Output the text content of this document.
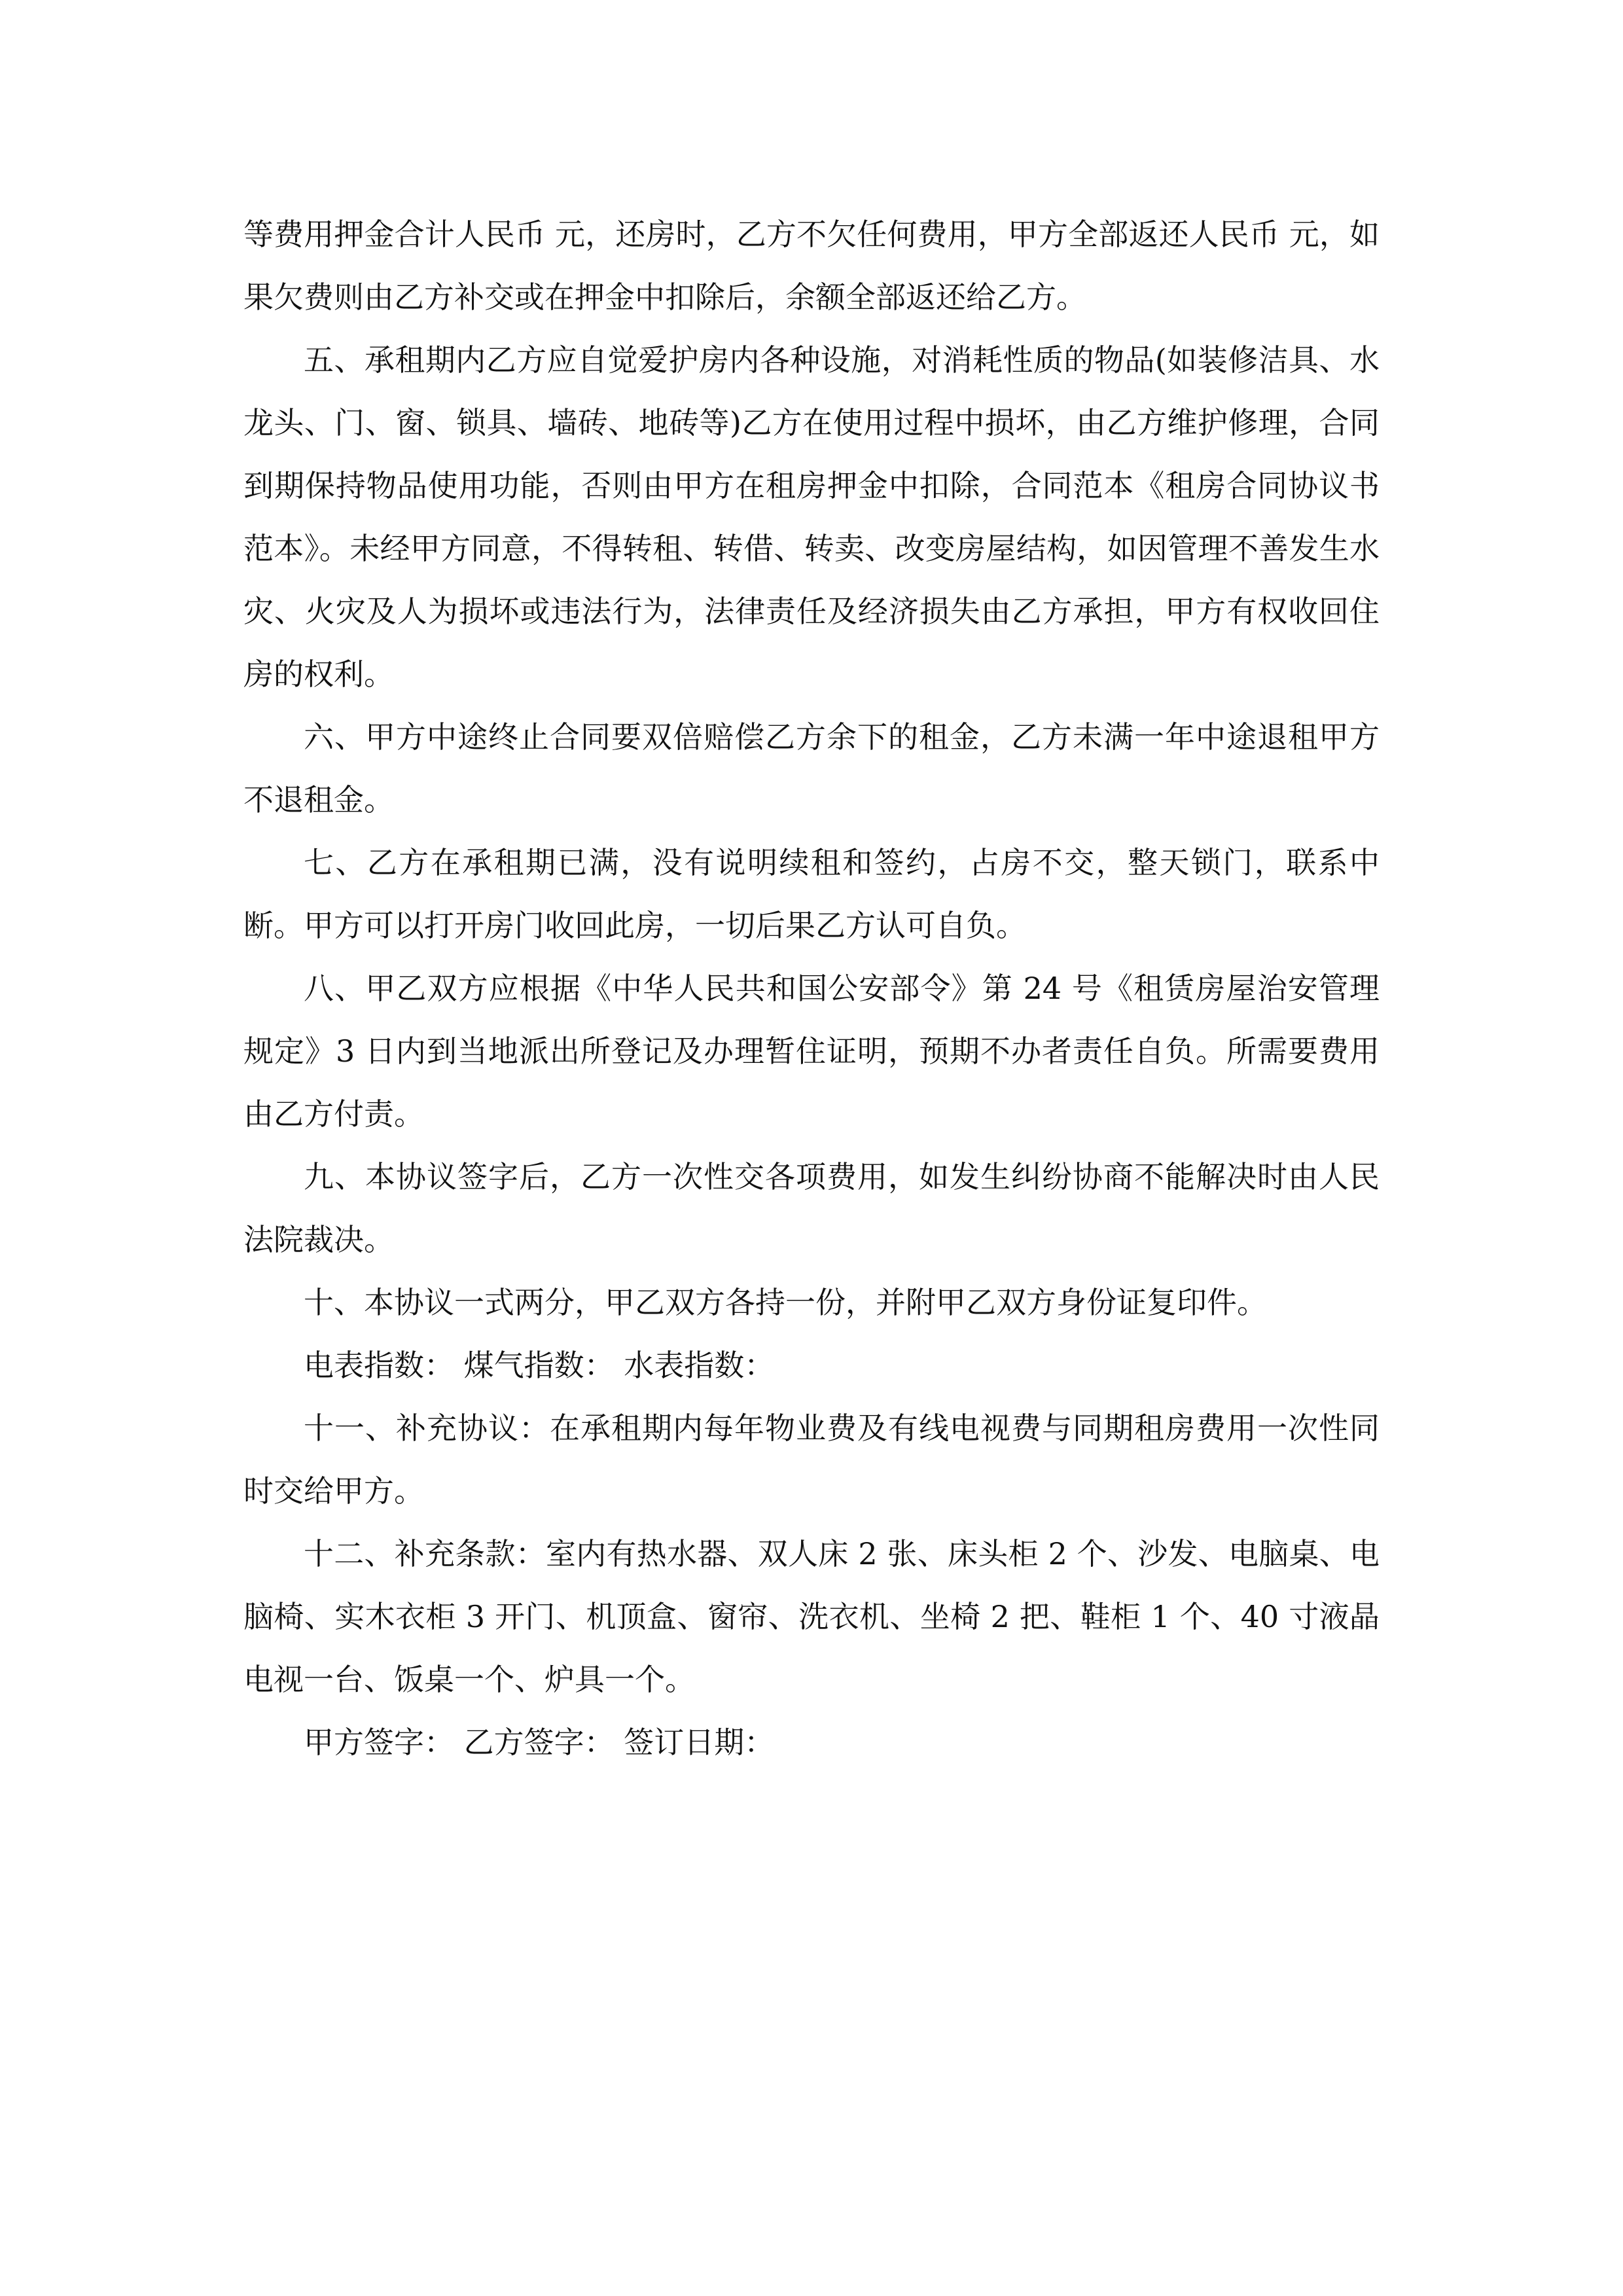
等费用押金合计人民币 元，还房时，乙方不欠任何费用，甲方全部返还人民币 元，如果欠费则由乙方补交或在押金中扣除后，余额全部返还给乙方。

五、承租期内乙方应自觉爱护房内各种设施，对消耗性质的物品(如装修洁具、水龙头、门、窗、锁具、墙砖、地砖等)乙方在使用过程中损坏，由乙方维护修理，合同到期保持物品使用功能，否则由甲方在租房押金中扣除，合同范本《租房合同协议书范本》。未经甲方同意，不得转租、转借、转卖、改变房屋结构，如因管理不善发生水灾、火灾及人为损坏或违法行为，法律责任及经济损失由乙方承担，甲方有权收回住房的权利。

六、甲方中途终止合同要双倍赔偿乙方余下的租金，乙方未满一年中途退租甲方不退租金。

七、乙方在承租期已满，没有说明续租和签约，占房不交，整天锁门，联系中断。甲方可以打开房门收回此房，一切后果乙方认可自负。

八、甲乙双方应根据《中华人民共和国公安部令》第 24 号《租赁房屋治安管理规定》3 日内到当地派出所登记及办理暂住证明，预期不办者责任自负。所需要费用由乙方付责。

九、本协议签字后，乙方一次性交各项费用，如发生纠纷协商不能解决时由人民法院裁决。

十、本协议一式两分，甲乙双方各持一份，并附甲乙双方身份证复印件。

电表指数： 煤气指数： 水表指数：

十一、补充协议：在承租期内每年物业费及有线电视费与同期租房费用一次性同时交给甲方。

十二、补充条款：室内有热水器、双人床 2 张、床头柜 2 个、沙发、电脑桌、电脑椅、实木衣柜 3 开门、机顶盒、窗帘、洗衣机、坐椅 2 把、鞋柜 1 个、40 寸液晶电视一台、饭桌一个、炉具一个。

甲方签字： 乙方签字： 签订日期：
